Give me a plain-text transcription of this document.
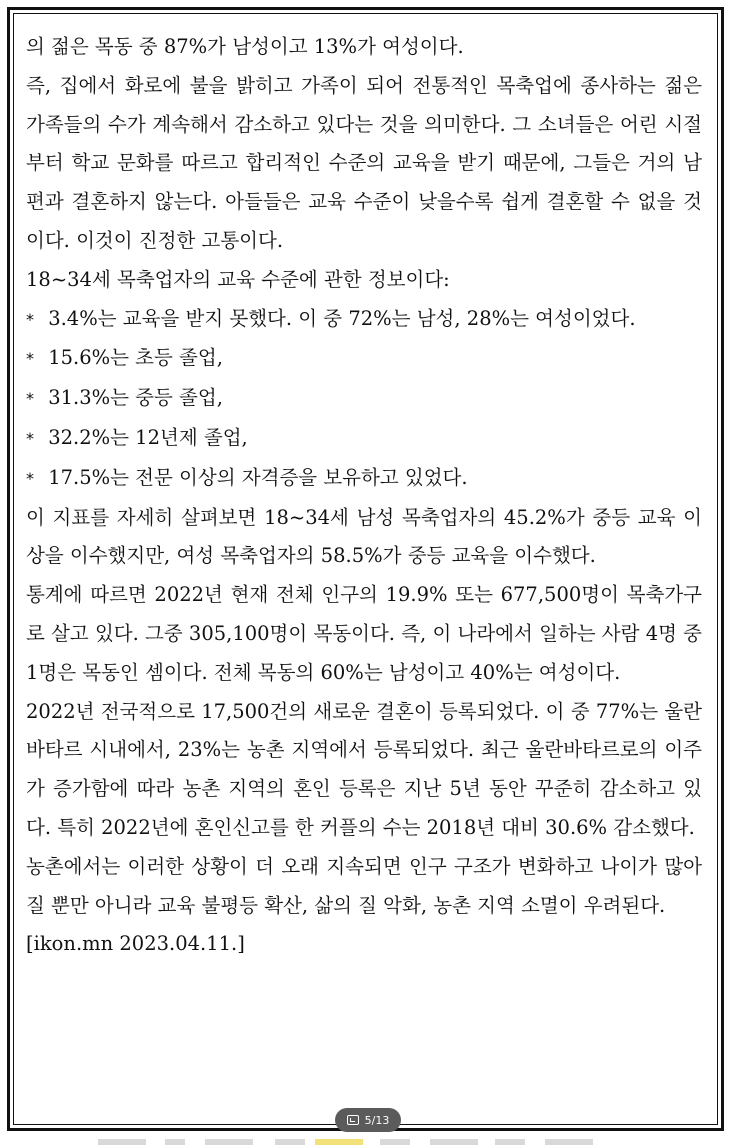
의 젊은 목동 중 87%가 남성이고 13%가 여성이다.

즉, 집에서 화로에 불을 밝히고 가족이 되어 전통적인 목축업에 종사하는 젊은 가족들의 수가 계속해서 감소하고 있다는 것을 의미한다. 그 소녀들은 어린 시절부터 학교 문화를 따르고 합리적인 수준의 교육을 받기 때문에, 그들은 거의 남편과 결혼하지 않는다. 아들들은 교육 수준이 낮을수록 쉽게 결혼할 수 없을 것이다. 이것이 진정한 고통이다.

18~34세 목축업자의 교육 수준에 관한 정보이다:

* 3.4%는 교육을 받지 못했다. 이 중 72%는 남성, 28%는 여성이었다.

* 15.6%는 초등 졸업,

* 31.3%는 중등 졸업,

* 32.2%는 12년제 졸업,

* 17.5%는 전문 이상의 자격증을 보유하고 있었다.

이 지표를 자세히 살펴보면 18~34세 남성 목축업자의 45.2%가 중등 교육 이상을 이수했지만, 여성 목축업자의 58.5%가 중등 교육을 이수했다.

통계에 따르면 2022년 현재 전체 인구의 19.9% 또는 677,500명이 목축가구로 살고 있다. 그중 305,100명이 목동이다. 즉, 이 나라에서 일하는 사람 4명 중 1명은 목동인 셈이다. 전체 목동의 60%는 남성이고 40%는 여성이다.

2022년 전국적으로 17,500건의 새로운 결혼이 등록되었다. 이 중 77%는 울란바타르 시내에서, 23%는 농촌 지역에서 등록되었다. 최근 울란바타르로의 이주가 증가함에 따라 농촌 지역의 혼인 등록은 지난 5년 동안 꾸준히 감소하고 있다. 특히 2022년에 혼인신고를 한 커플의 수는 2018년 대비 30.6% 감소했다.

농촌에서는 이러한 상황이 더 오래 지속되면 인구 구조가 변화하고 나이가 많아질 뿐만 아니라 교육 불평등 확산, 삶의 질 악화, 농촌 지역 소멸이 우려된다.

[ikon.mn 2023.04.11.]

5/13
